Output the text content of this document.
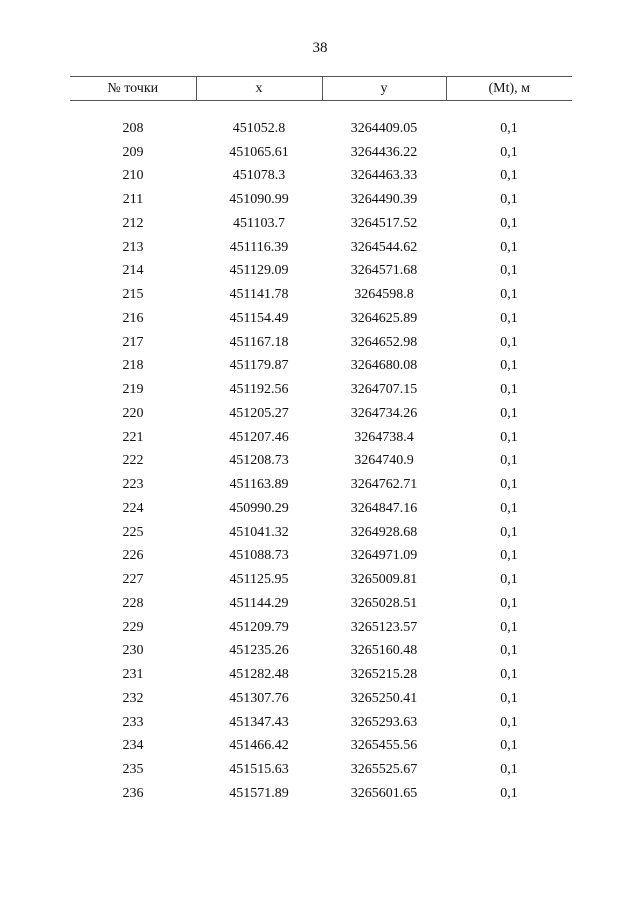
38
№ точки	x	y	(Mt), м

208	451052.8	3264409.05	0,1
209	451065.61	3264436.22	0,1
210	451078.3	3264463.33	0,1
211	451090.99	3264490.39	0,1
212	451103.7	3264517.52	0,1
213	451116.39	3264544.62	0,1
214	451129.09	3264571.68	0,1
215	451141.78	3264598.8	0,1
216	451154.49	3264625.89	0,1
217	451167.18	3264652.98	0,1
218	451179.87	3264680.08	0,1
219	451192.56	3264707.15	0,1
220	451205.27	3264734.26	0,1
221	451207.46	3264738.4	0,1
222	451208.73	3264740.9	0,1
223	451163.89	3264762.71	0,1
224	450990.29	3264847.16	0,1
225	451041.32	3264928.68	0,1
226	451088.73	3264971.09	0,1
227	451125.95	3265009.81	0,1
228	451144.29	3265028.51	0,1
229	451209.79	3265123.57	0,1
230	451235.26	3265160.48	0,1
231	451282.48	3265215.28	0,1
232	451307.76	3265250.41	0,1
233	451347.43	3265293.63	0,1
234	451466.42	3265455.56	0,1
235	451515.63	3265525.67	0,1
236	451571.89	3265601.65	0,1
